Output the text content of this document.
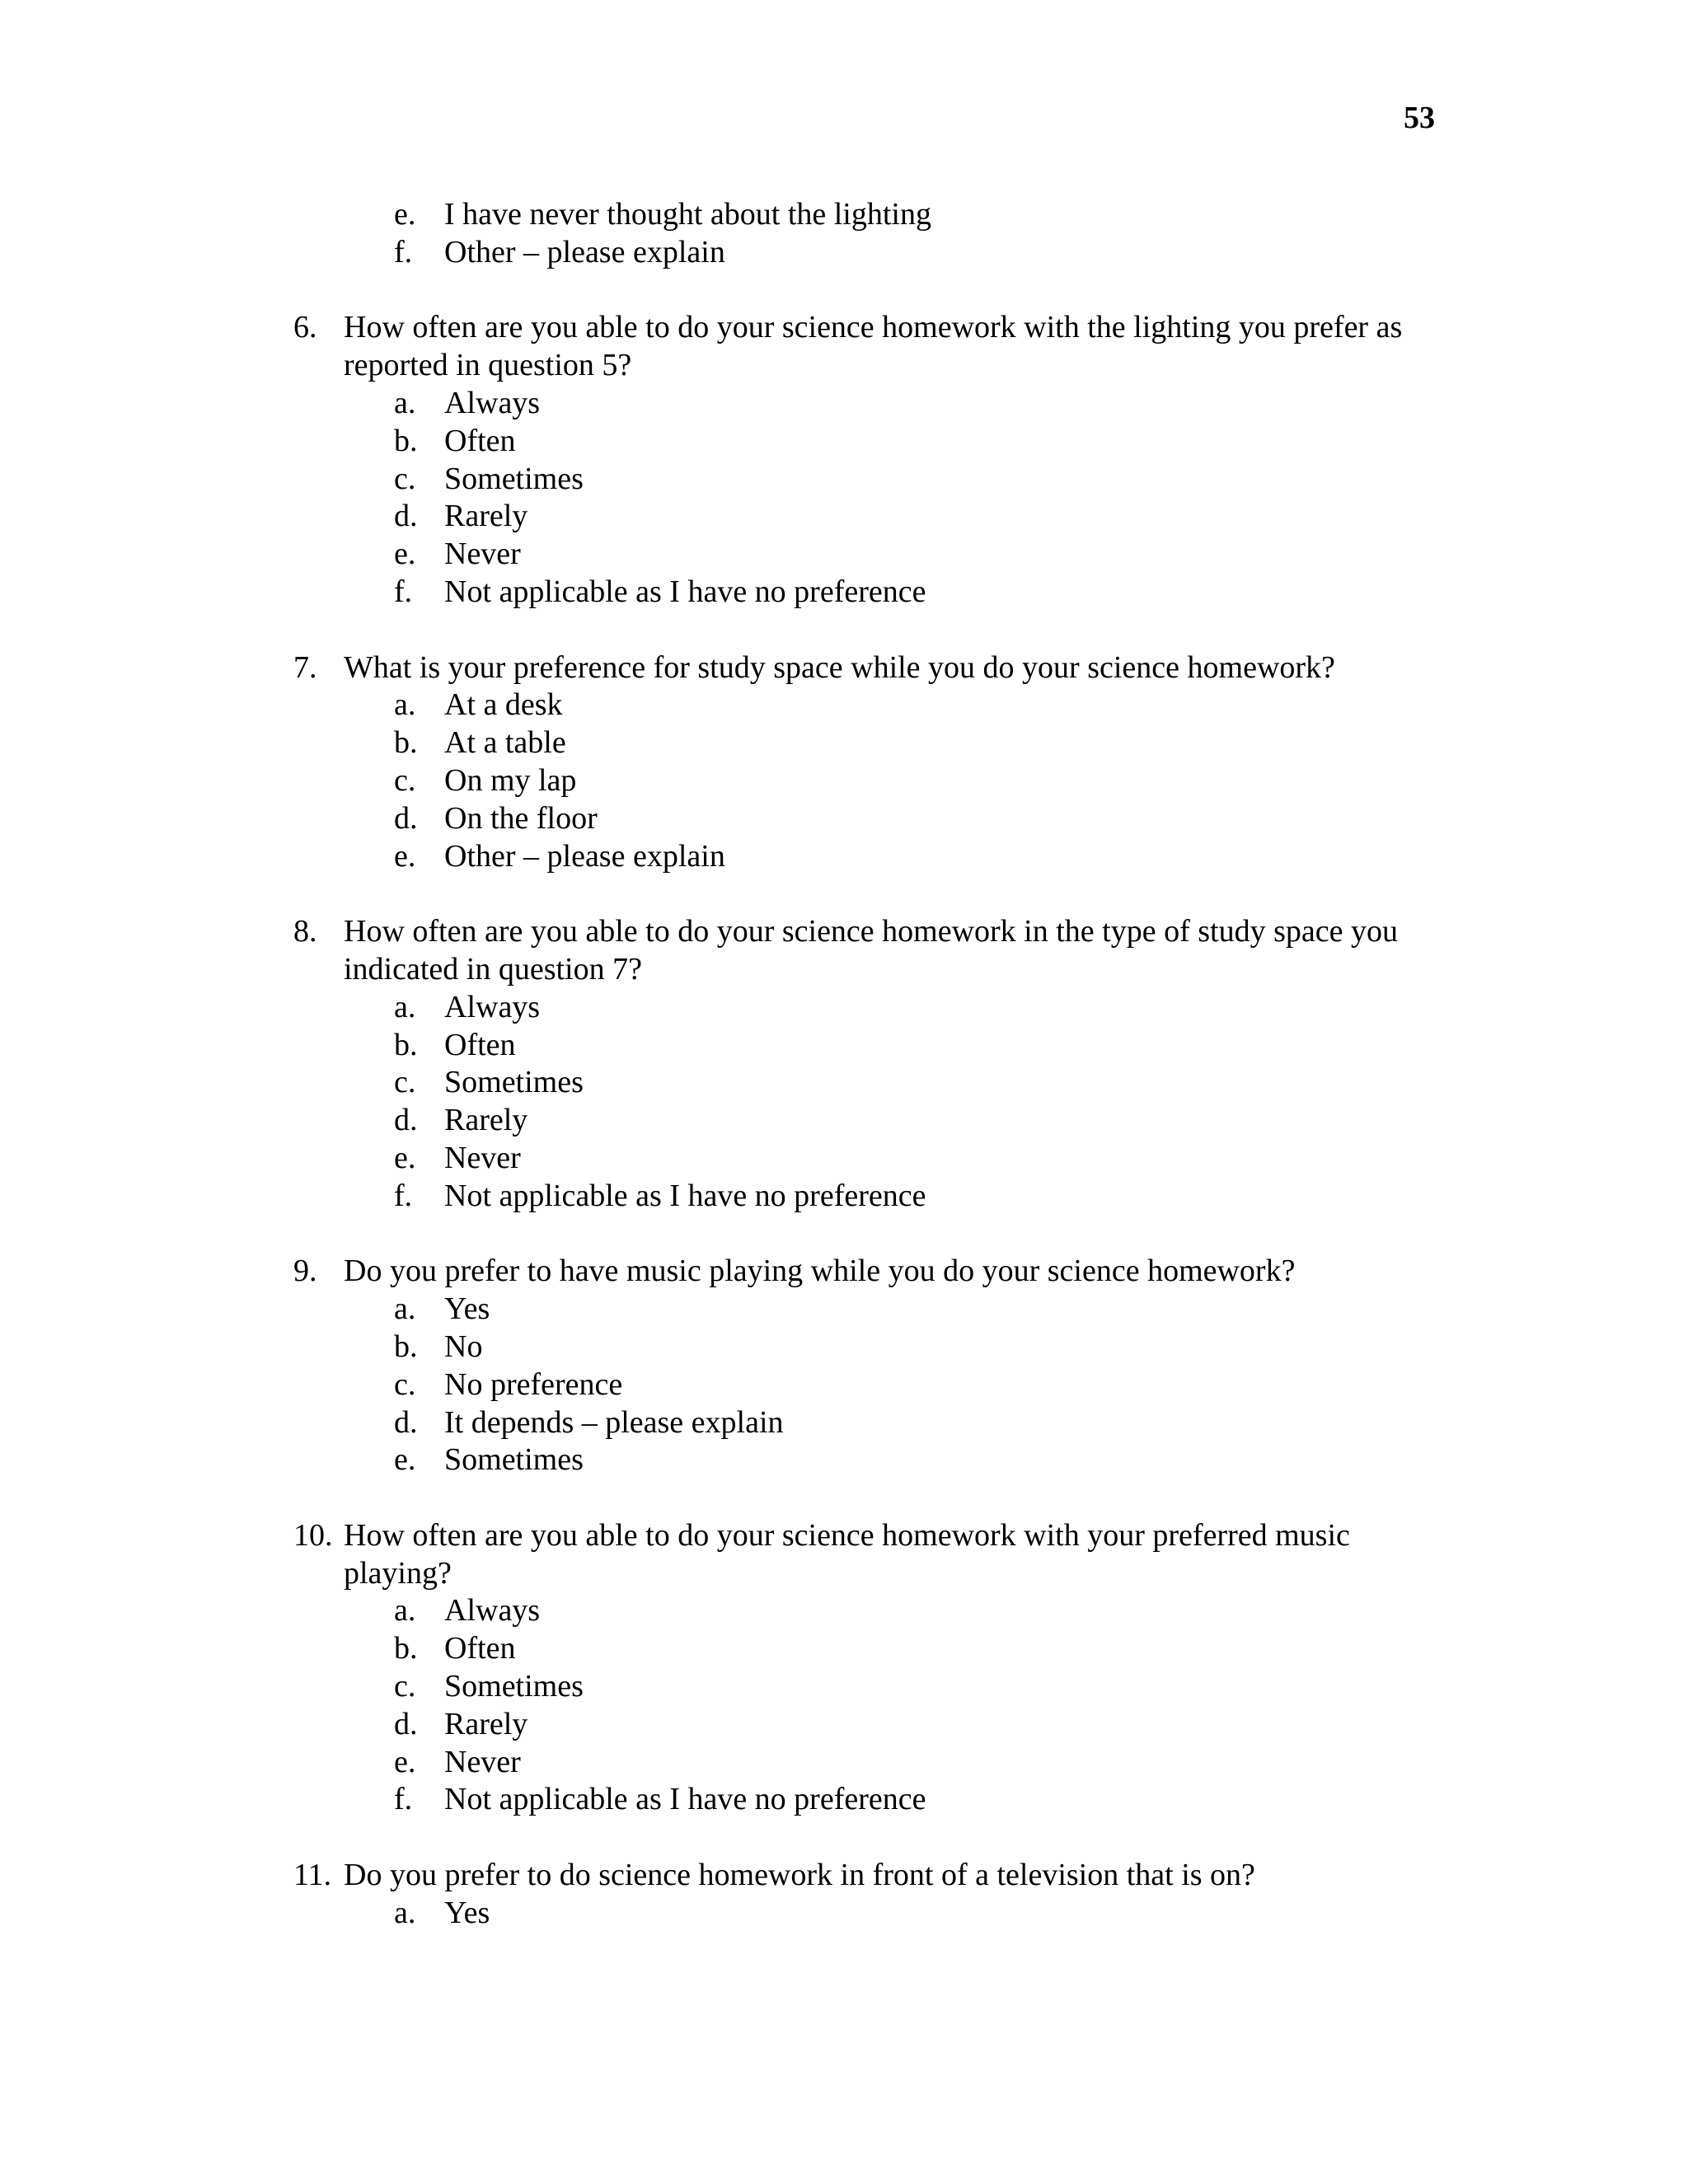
53
e. I have never thought about the lighting
f. Other – please explain
6. How often are you able to do your science homework with the lighting you prefer as reported in question 5?
a. Always
b. Often
c. Sometimes
d. Rarely
e. Never
f. Not applicable as I have no preference
7. What is your preference for study space while you do your science homework?
a. At a desk
b. At a table
c. On my lap
d. On the floor
e. Other – please explain
8. How often are you able to do your science homework in the type of study space you indicated in question 7?
a. Always
b. Often
c. Sometimes
d. Rarely
e. Never
f. Not applicable as I have no preference
9. Do you prefer to have music playing while you do your science homework?
a. Yes
b. No
c. No preference
d. It depends – please explain
e. Sometimes
10. How often are you able to do your science homework with your preferred music playing?
a. Always
b. Often
c. Sometimes
d. Rarely
e. Never
f. Not applicable as I have no preference
11. Do you prefer to do science homework in front of a television that is on?
a. Yes
